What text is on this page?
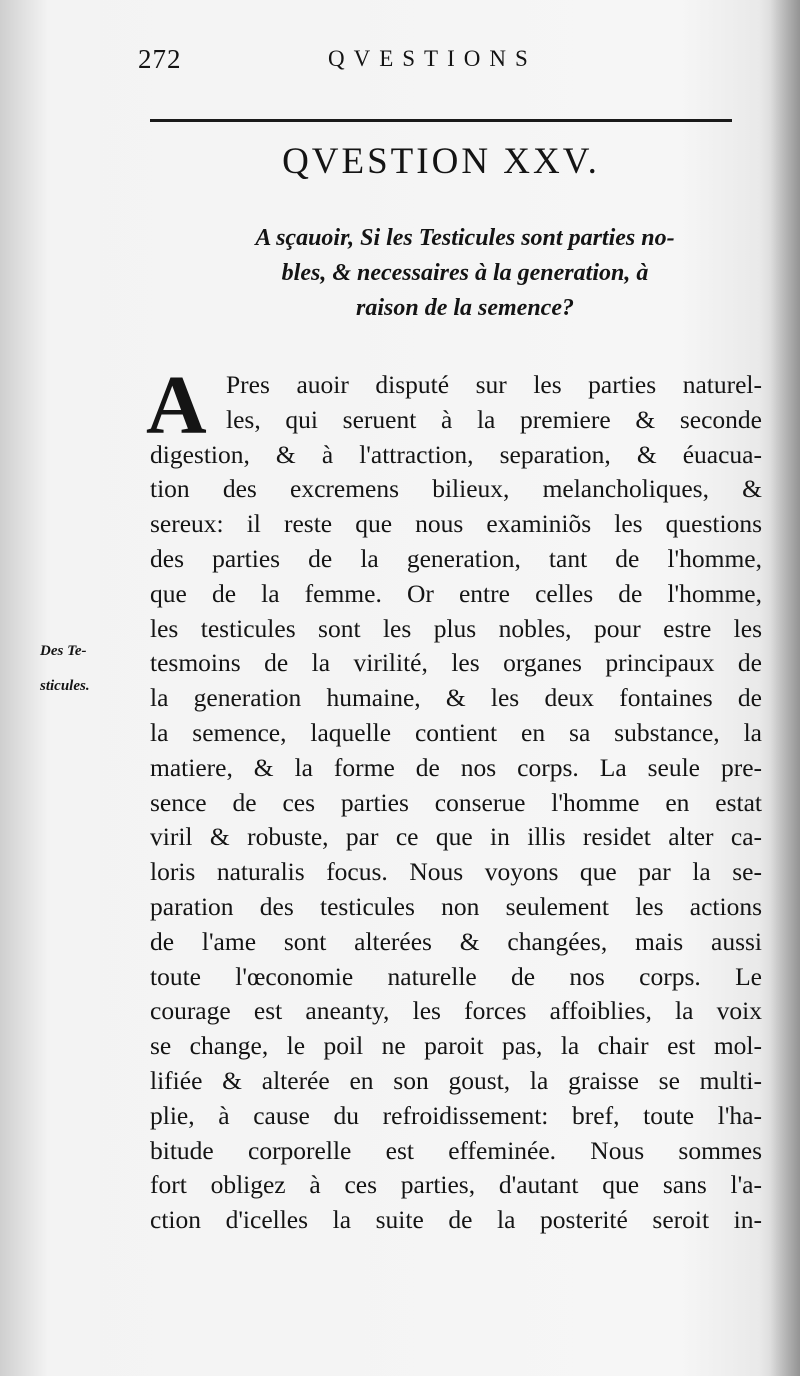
272	QVESTIONS
QVESTION XXV.
A sçauoir, Si les Testicules sont parties no-
bles, & necessaires à la generation, à
raison de la semence?
Des Te-
sticules.
A Pres auoir disputé sur les parties naturel-
les, qui seruent à la premiere & seconde
digestion, & à l'attraction, separation, & éuacua-
tion des excremens bilieux, melancholiques, &
sereux: il reste que nous examiniõs les questions
des parties de la generation, tant de l'homme,
que de la femme. Or entre celles de l'homme,
les testicules sont les plus nobles, pour estre les
tesmoins de la virilité, les organes principaux de
la generation humaine, & les deux fontaines de
la semence, laquelle contient en sa substance, la
matiere, & la forme de nos corps. La seule pre-
sence de ces parties conserue l'homme en estat
viril & robuste, par ce que in illis residet alter ca-
loris naturalis focus. Nous voyons que par la se-
paration des testicules non seulement les actions
de l'ame sont alterées & changées, mais aussi
toute l'œconomie naturelle de nos corps. Le
courage est aneanty, les forces affoiblies, la voix
se change, le poil ne paroit pas, la chair est mol-
lifiée & alterée en son goust, la graisse se multi-
plie, à cause du refroidissement: bref, toute l'ha-
bitude corporelle est effeminée. Nous sommes
fort obligez à ces parties, d'autant que sans l'a-
ction d'icelles la suite de la posterité seroit in-
